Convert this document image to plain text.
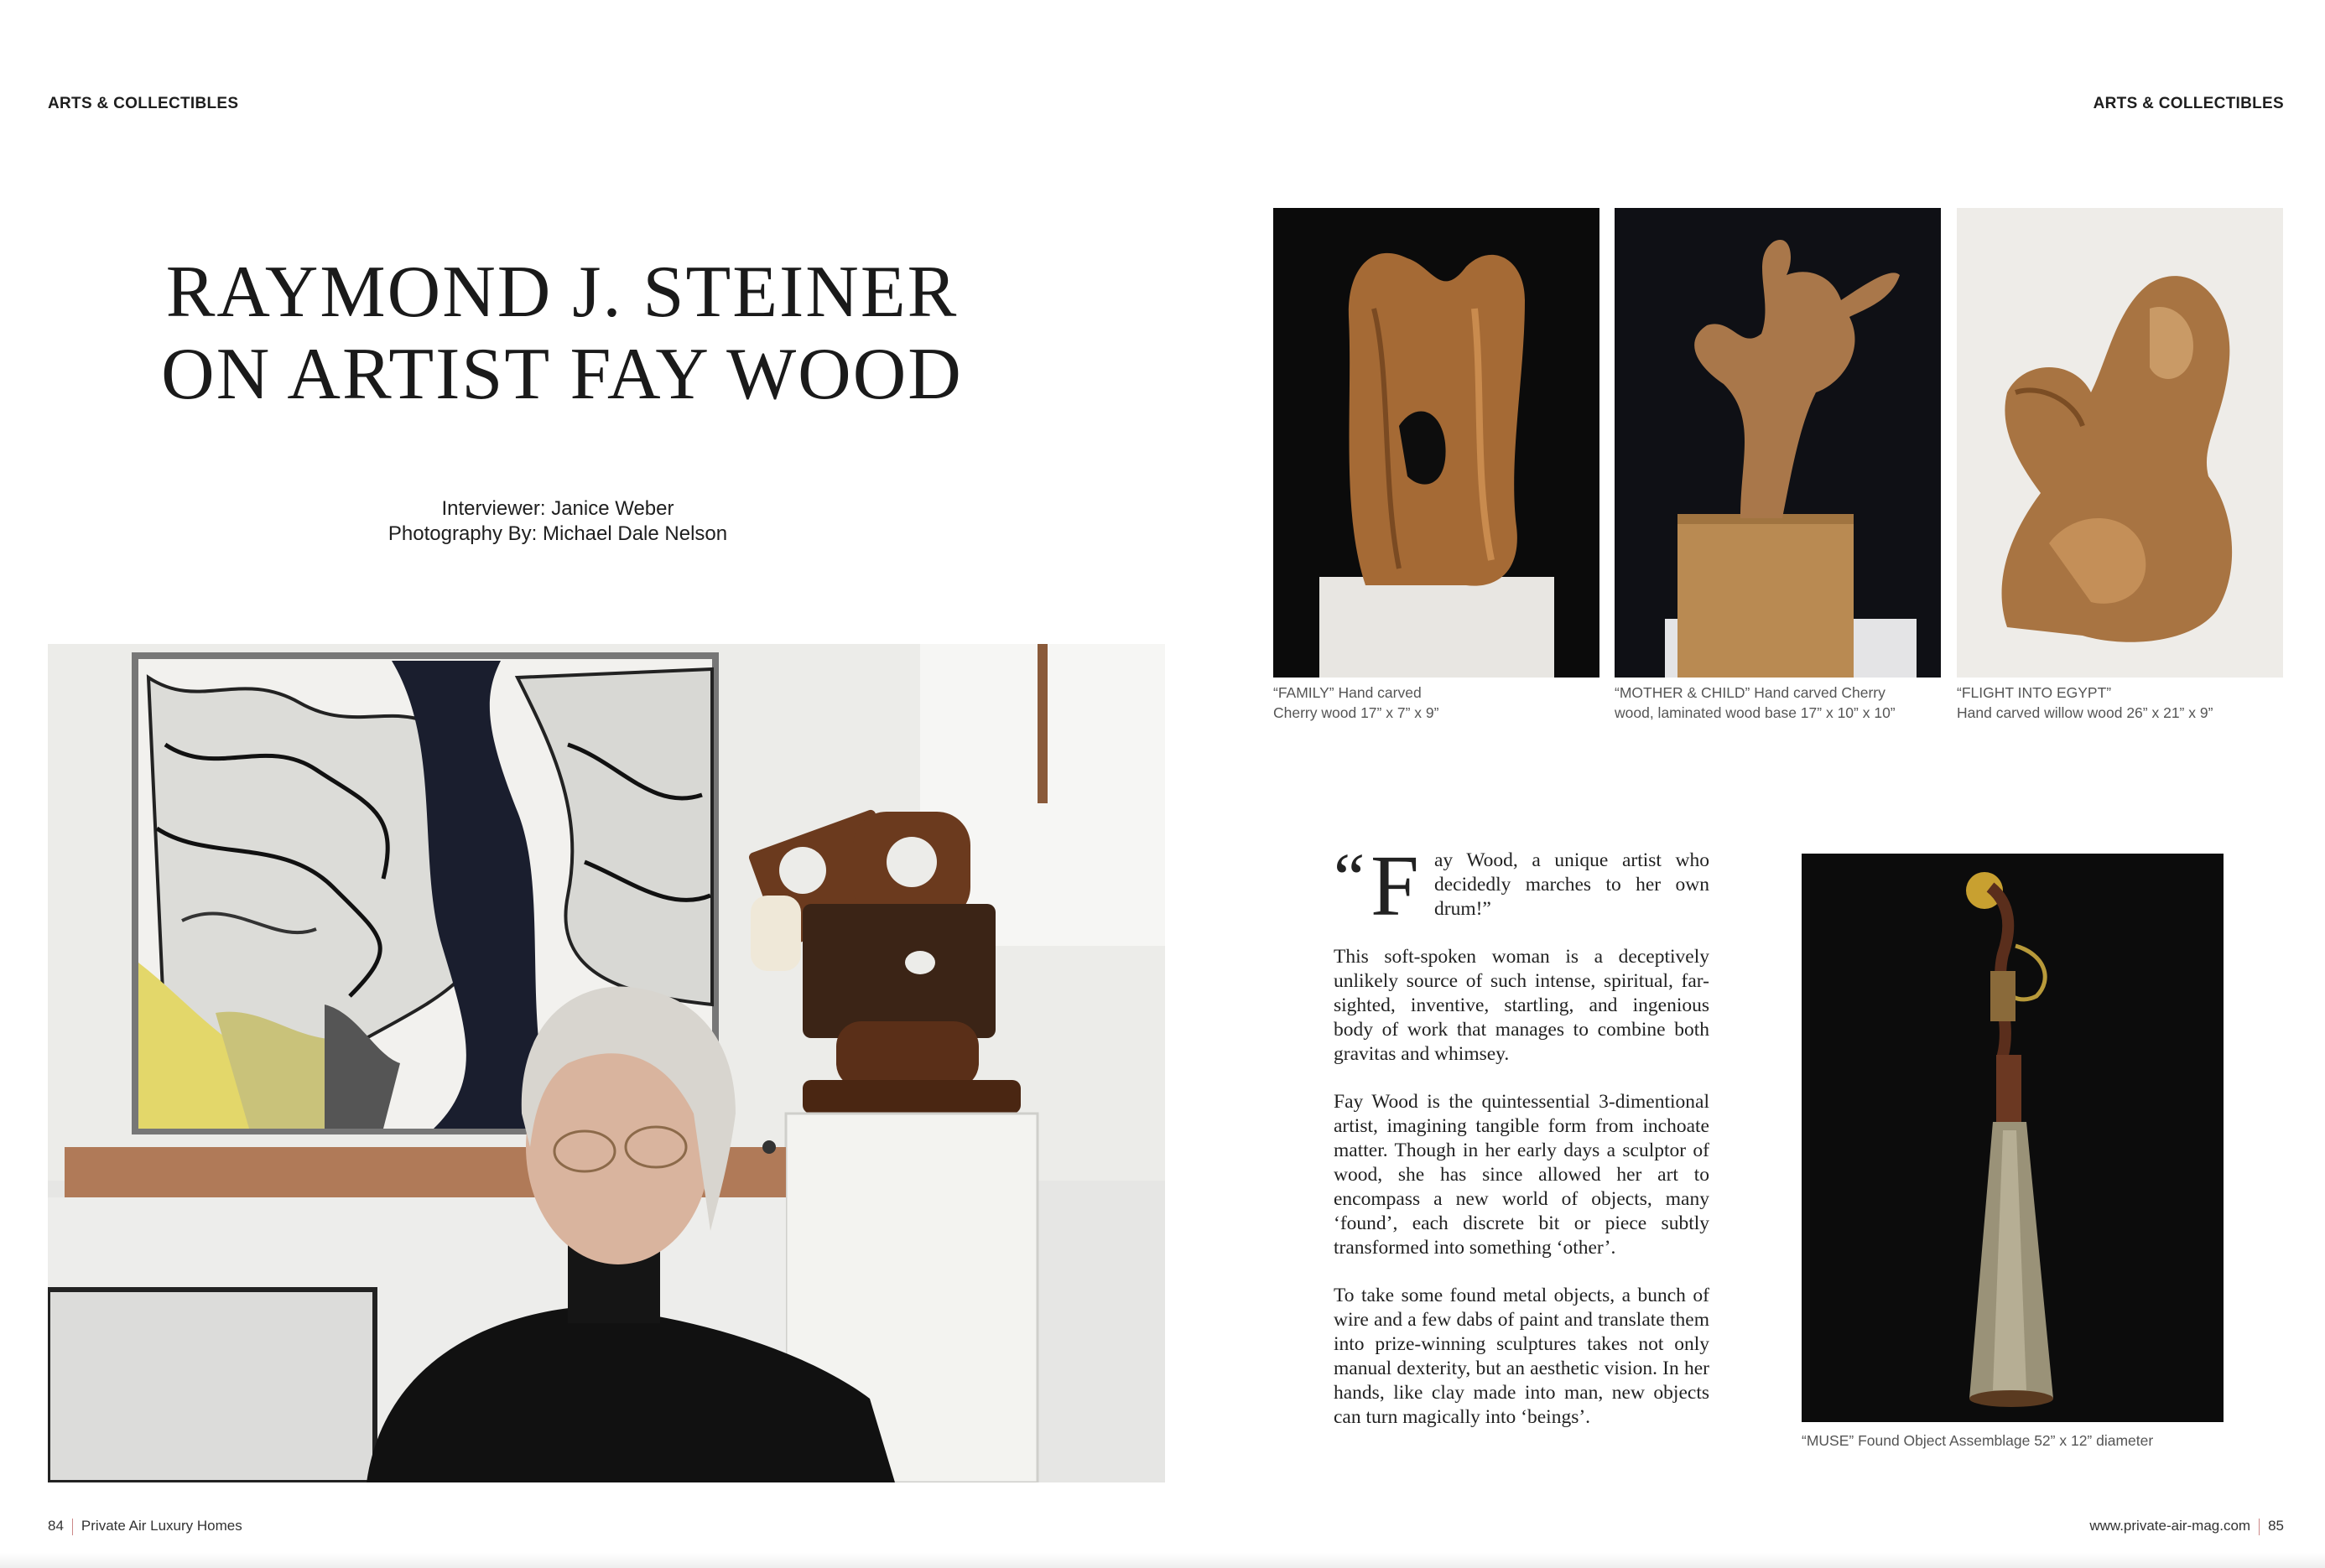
ARTS & COLLECTIBLES	ARTS & COLLECTIBLES
RAYMOND J. STEINER
ON ARTIST FAY WOOD
Interviewer: Janice Weber
Photography By: Michael Dale Nelson
“FAMILY” Hand carved
Cherry wood 17” x 7” x 9”
“MOTHER & CHILD” Hand carved Cherry
wood, laminated wood base 17” x 10” x 10”
“FLIGHT INTO EGYPT”
Hand carved willow wood 26” x 21” x 9”
“ F ay Wood, a unique artist who decidedly marches to her own drum!”

This soft-spoken woman is a deceptively unlikely source of such intense, spiritual, far-sighted, inventive, startling, and ingenious body of work that manages to combine both gravitas and whimsey.

Fay Wood is the quintessential 3-dimentional artist, imagining tangible form from inchoate matter. Though in her early days a sculptor of wood, she has since allowed her art to encompass a new world of objects, many ‘found’, each discrete bit or piece subtly transformed into something ‘other’.

To take some found metal objects, a bunch of wire and a few dabs of paint and translate them into prize-winning sculptures takes not only manual dexterity, but an aesthetic vision. In her hands, like clay made into man, new objects can turn magically into ‘beings’.

“MUSE” Found Object Assemblage 52” x 12” diameter
84 Private Air Luxury Homes	www.private-air-mag.com 85
